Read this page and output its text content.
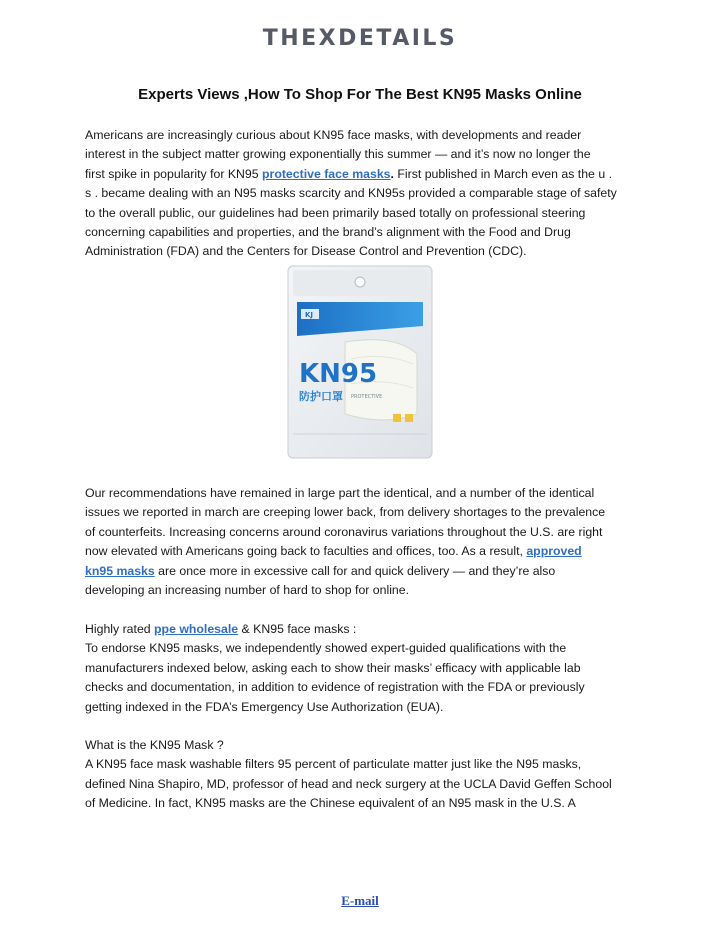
THEXDETAILS
Experts Views ,How To Shop For The Best KN95 Masks Online
Americans are increasingly curious about KN95 face masks, with developments and reader
interest in the subject matter growing exponentially this summer — and it’s now no longer the
first spike in popularity for KN95 protective face masks. First published in March even as the u .
s . became dealing with an N95 masks scarcity and KN95s provided a comparable stage of safety
to the overall public, our guidelines had been primarily based totally on professional steering
concerning capabilities and properties, and the brand’s alignment with the Food and Drug
Administration (FDA) and the Centers for Disease Control and Prevention (CDC).
KJ
KN95
防护口罩 PROTECTIVE
Our recommendations have remained in large part the identical, and a number of the identical
issues we reported in march are creeping lower back, from delivery shortages to the prevalence
of counterfeits. Increasing concerns around coronavirus variations throughout the U.S. are right
now elevated with Americans going back to faculties and offices, too. As a result, approved
kn95 masks are once more in excessive call for and quick delivery — and they’re also
developing an increasing number of hard to shop for online.
Highly rated ppe wholesale & KN95 face masks :
To endorse KN95 masks, we independently showed expert-guided qualifications with the
manufacturers indexed below, asking each to show their masks’ efficacy with applicable lab
checks and documentation, in addition to evidence of registration with the FDA or previously
getting indexed in the FDA’s Emergency Use Authorization (EUA).
What is the KN95 Mask ?
A KN95 face mask washable filters 95 percent of particulate matter just like the N95 masks,
defined Nina Shapiro, MD, professor of head and neck surgery at the UCLA David Geffen School
of Medicine. In fact, KN95 masks are the Chinese equivalent of an N95 mask in the U.S. A
E-mail
